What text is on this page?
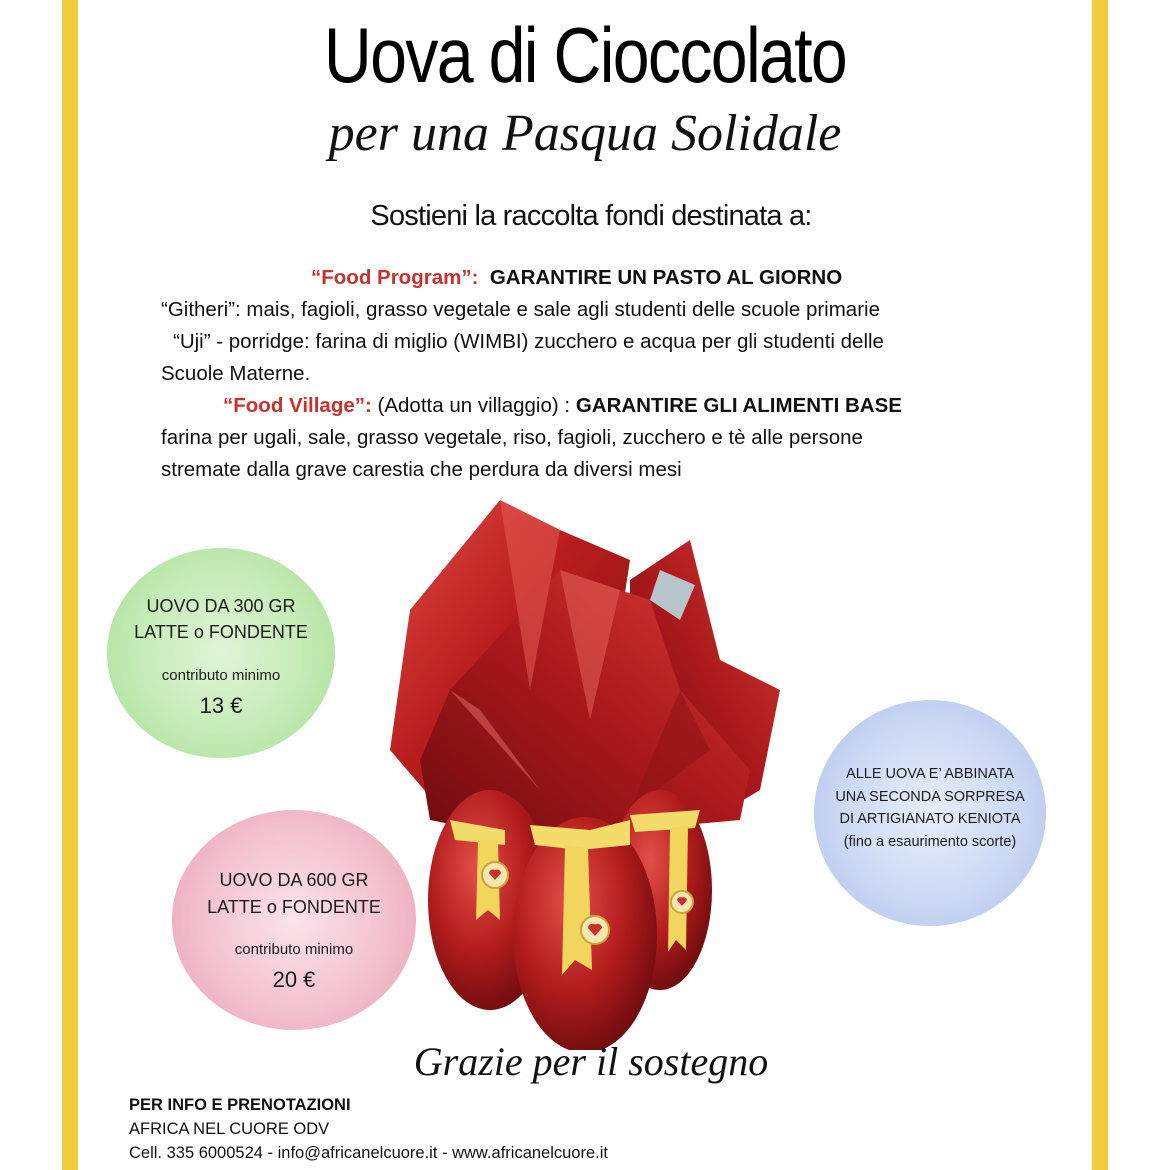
Uova di Cioccolato
per una Pasqua Solidale
Sostieni la raccolta fondi destinata a:
“Food Program”: GARANTIRE UN PASTO AL GIORNO
“Githeri”: mais, fagioli, grasso vegetale e sale agli studenti delle scuole primarie
“Uji” - porridge: farina di miglio (WIMBI) zucchero e acqua per gli studenti delle
Scuole Materne.
“Food Village”: (Adotta un villaggio) : GARANTIRE GLI ALIMENTI BASE
farina per ugali, sale, grasso vegetale, riso, fagioli, zucchero e tè alle persone
stremate dalla grave carestia che perdura da diversi mesi
UOVO DA 300 GR
LATTE o FONDENTE
contributo minimo
13 €
UOVO DA 600 GR
LATTE o FONDENTE
contributo minimo
20 €
ALLE UOVA E’ ABBINATA
UNA SECONDA SORPRESA
DI ARTIGIANATO KENIOTA
(fino a esaurimento scorte)
Grazie per il sostegno
PER INFO E PRENOTAZIONI
AFRICA NEL CUORE ODV
Cell. 335 6000524 - info@africanelcuore.it - www.africanelcuore.it
